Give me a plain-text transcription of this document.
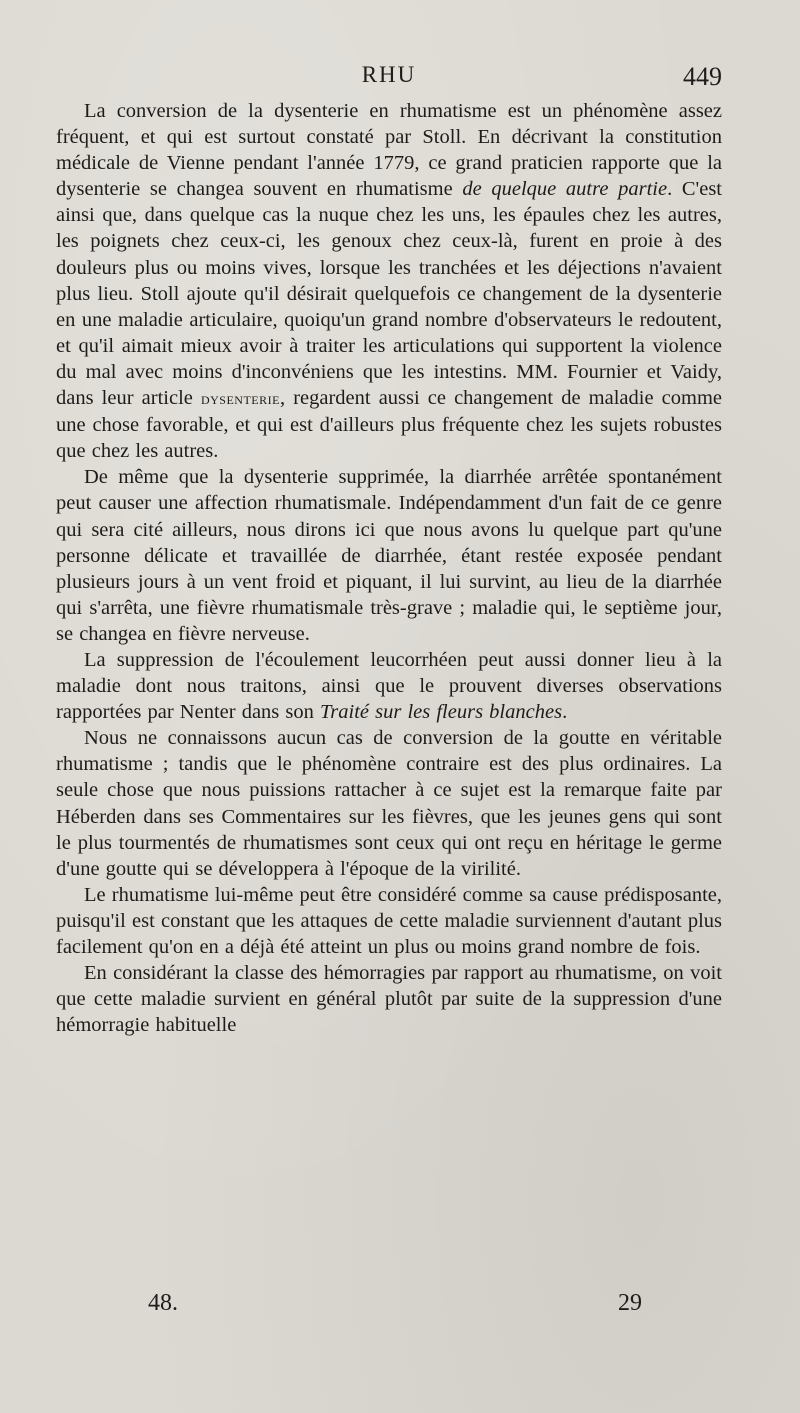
RHU	449

La conversion de la dysenterie en rhumatisme est un phénomène assez fréquent, et qui est surtout constaté par Stoll. En décrivant la constitution médicale de Vienne pendant l'année 1779, ce grand praticien rapporte que la dysenterie se changea souvent en rhumatisme de quelque autre partie. C'est ainsi que, dans quelque cas la nuque chez les uns, les épaules chez les autres, les poignets chez ceux-ci, les genoux chez ceux-là, furent en proie à des douleurs plus ou moins vives, lorsque les tranchées et les déjections n'avaient plus lieu. Stoll ajoute qu'il désirait quelquefois ce changement de la dysenterie en une maladie articulaire, quoiqu'un grand nombre d'observateurs le redoutent, et qu'il aimait mieux avoir à traiter les articulations qui supportent la violence du mal avec moins d'inconvéniens que les intestins. MM. Fournier et Vaidy, dans leur article dysenterie, regardent aussi ce changement de maladie comme une chose favorable, et qui est d'ailleurs plus fréquente chez les sujets robustes que chez les autres.

De même que la dysenterie supprimée, la diarrhée arrêtée spontanément peut causer une affection rhumatismale. Indépendamment d'un fait de ce genre qui sera cité ailleurs, nous dirons ici que nous avons lu quelque part qu'une personne délicate et travaillée de diarrhée, étant restée exposée pendant plusieurs jours à un vent froid et piquant, il lui survint, au lieu de la diarrhée qui s'arrêta, une fièvre rhumatismale très-grave ; maladie qui, le septième jour, se changea en fièvre nerveuse.

La suppression de l'écoulement leucorrhéen peut aussi donner lieu à la maladie dont nous traitons, ainsi que le prouvent diverses observations rapportées par Nenter dans son Traité sur les fleurs blanches.

Nous ne connaissons aucun cas de conversion de la goutte en véritable rhumatisme ; tandis que le phénomène contraire est des plus ordinaires. La seule chose que nous puissions rattacher à ce sujet est la remarque faite par Héberden dans ses Commentaires sur les fièvres, que les jeunes gens qui sont le plus tourmentés de rhumatismes sont ceux qui ont reçu en héritage le germe d'une goutte qui se développera à l'époque de la virilité.

Le rhumatisme lui-même peut être considéré comme sa cause prédisposante, puisqu'il est constant que les attaques de cette maladie surviennent d'autant plus facilement qu'on en a déjà été atteint un plus ou moins grand nombre de fois.

En considérant la classe des hémorragies par rapport au rhumatisme, on voit que cette maladie survient en général plutôt par suite de la suppression d'une hémorragie habituelle

48.	29
